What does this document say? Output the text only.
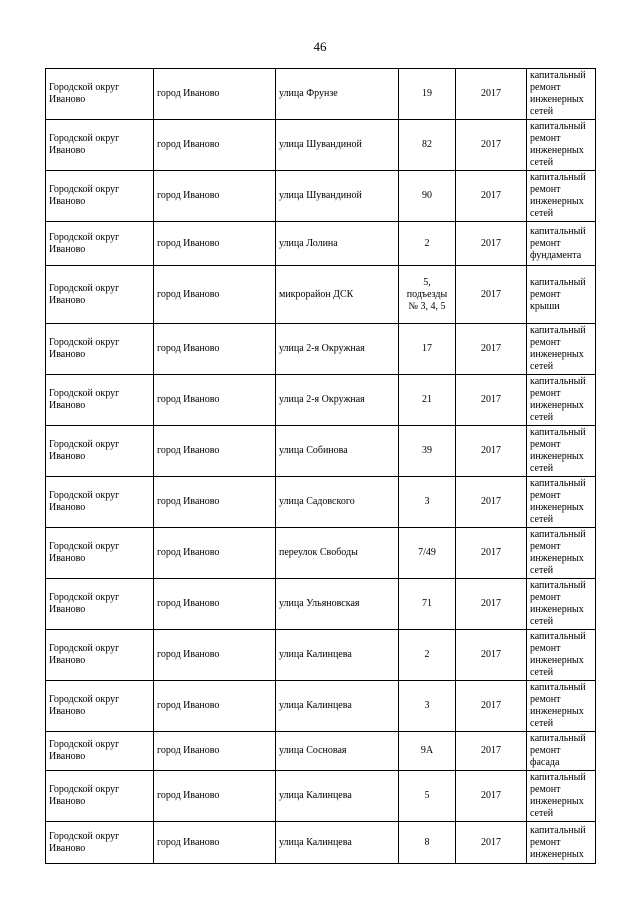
46
Городской округ Иваново	город Иваново	улица Фрунзе	19	2017	капитальный ремонт инженерных сетей
Городской округ Иваново	город Иваново	улица Шувандиной	82	2017	капитальный ремонт инженерных сетей
Городской округ Иваново	город Иваново	улица Шувандиной	90	2017	капитальный ремонт инженерных сетей
Городской округ Иваново	город Иваново	улица Лолина	2	2017	капитальный ремонт фундамента
Городской округ Иваново	город Иваново	микрорайон ДСК	5, подъезды № 3, 4, 5	2017	капитальный ремонт крыши
Городской округ Иваново	город Иваново	улица 2-я Окружная	17	2017	капитальный ремонт инженерных сетей
Городской округ Иваново	город Иваново	улица 2-я Окружная	21	2017	капитальный ремонт инженерных сетей
Городской округ Иваново	город Иваново	улица Собинова	39	2017	капитальный ремонт инженерных сетей
Городской округ Иваново	город Иваново	улица Садовского	3	2017	капитальный ремонт инженерных сетей
Городской округ Иваново	город Иваново	переулок Свободы	7/49	2017	капитальный ремонт инженерных сетей
Городской округ Иваново	город Иваново	улица Ульяновская	71	2017	капитальный ремонт инженерных сетей
Городской округ Иваново	город Иваново	улица Калинцева	2	2017	капитальный ремонт инженерных сетей
Городской округ Иваново	город Иваново	улица Калинцева	3	2017	капитальный ремонт инженерных сетей
Городской округ Иваново	город Иваново	улица Сосновая	9А	2017	капитальный ремонт фасада
Городской округ Иваново	город Иваново	улица Калинцева	5	2017	капитальный ремонт инженерных сетей
Городской округ Иваново	город Иваново	улица Калинцева	8	2017	капитальный ремонт инженерных
